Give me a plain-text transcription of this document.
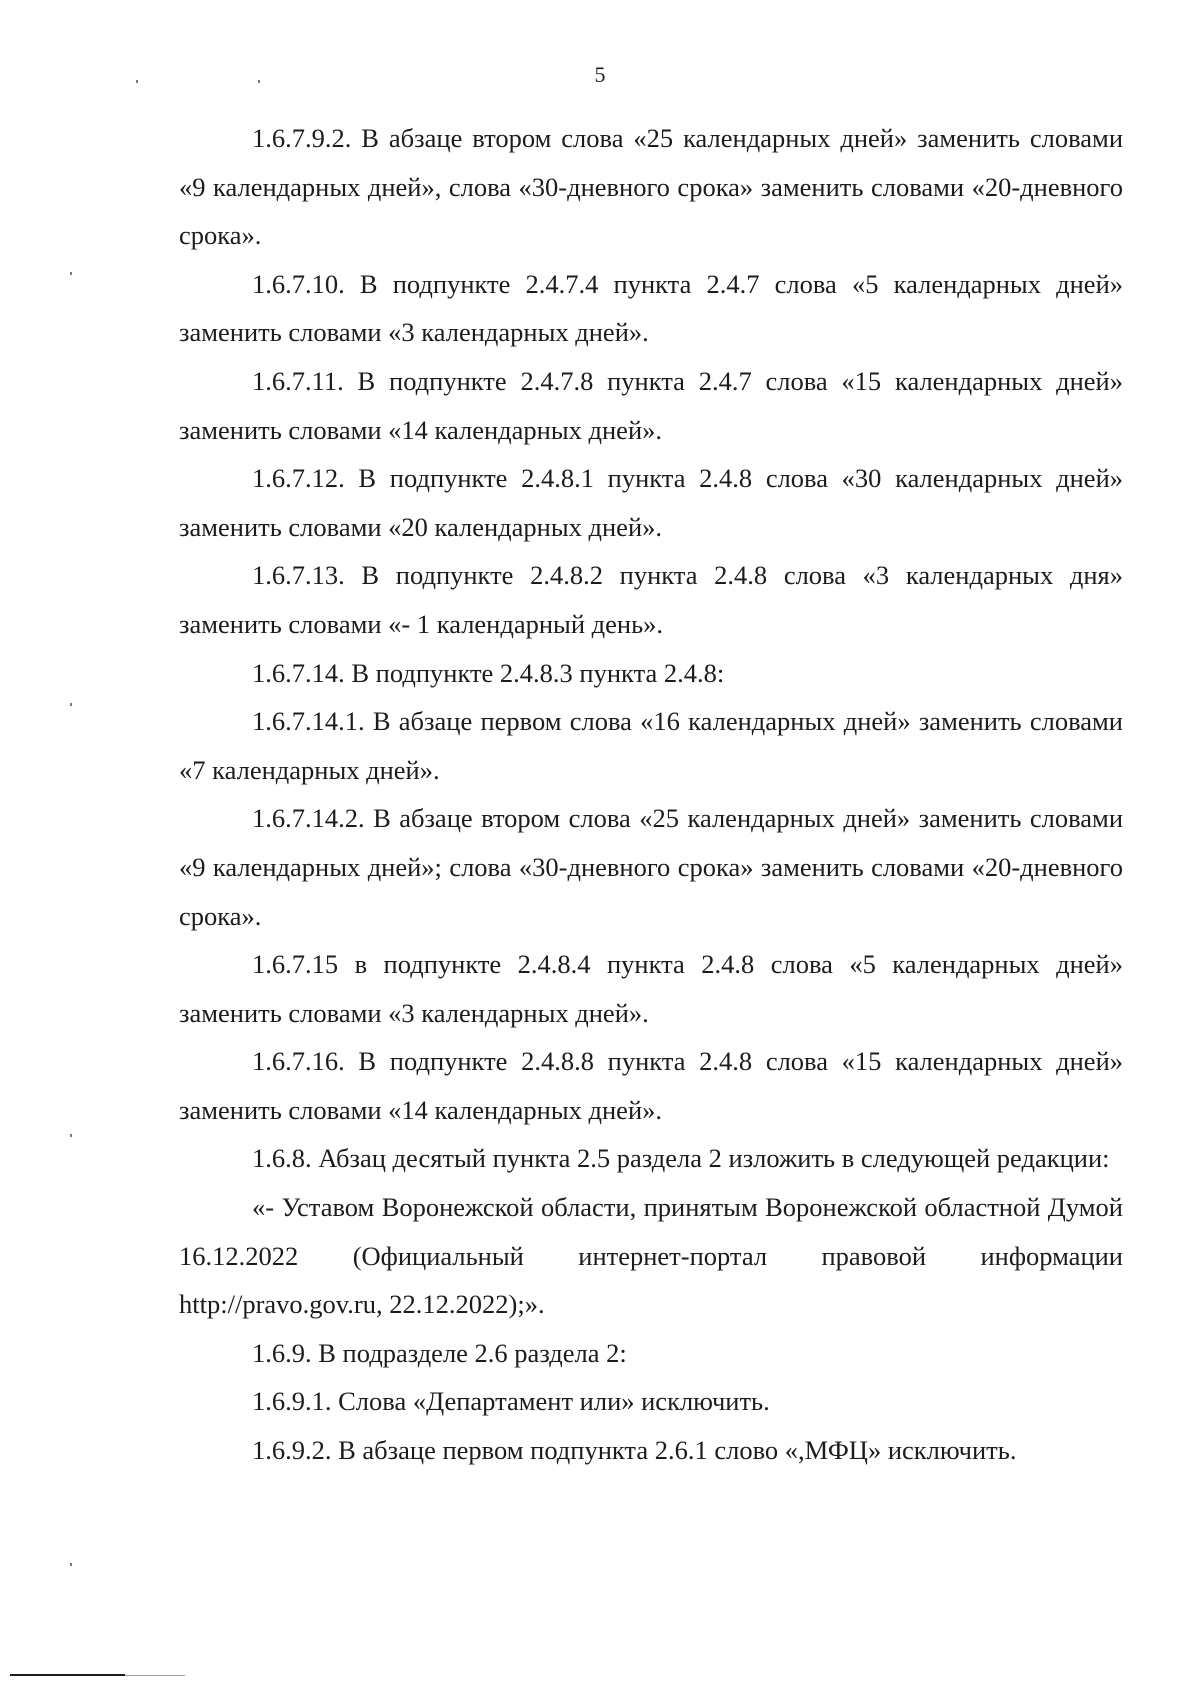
5

1.6.7.9.2. В абзаце втором слова «25 календарных дней» заменить словами «9 календарных дней», слова «30-дневного срока» заменить словами «20-дневного срока».

1.6.7.10. В подпункте 2.4.7.4 пункта 2.4.7 слова «5 календарных дней» заменить словами «3 календарных дней».

1.6.7.11. В подпункте 2.4.7.8 пункта 2.4.7 слова «15 календарных дней» заменить словами «14 календарных дней».

1.6.7.12. В подпункте 2.4.8.1 пункта 2.4.8 слова «30 календарных дней» заменить словами «20 календарных дней».

1.6.7.13. В подпункте 2.4.8.2 пункта 2.4.8 слова «3 календарных дня» заменить словами «- 1 календарный день».

1.6.7.14. В подпункте 2.4.8.3 пункта 2.4.8:

1.6.7.14.1. В абзаце первом слова «16 календарных дней» заменить словами «7 календарных дней».

1.6.7.14.2. В абзаце втором слова «25 календарных дней» заменить словами «9 календарных дней»; слова «30-дневного срока» заменить словами «20-дневного срока».

1.6.7.15 в подпункте 2.4.8.4 пункта 2.4.8 слова «5 календарных дней» заменить словами «3 календарных дней».

1.6.7.16. В подпункте 2.4.8.8 пункта 2.4.8 слова «15 календарных дней» заменить словами «14 календарных дней».

1.6.8. Абзац десятый пункта 2.5 раздела 2 изложить в следующей редакции:

«- Уставом Воронежской области, принятым Воронежской областной Думой 16.12.2022 (Официальный интернет-портал правовой информации http://pravo.gov.ru, 22.12.2022);».

1.6.9. В подразделе 2.6 раздела 2:

1.6.9.1. Слова «Департамент или» исключить.

1.6.9.2. В абзаце первом подпункта 2.6.1 слово «,МФЦ» исключить.
